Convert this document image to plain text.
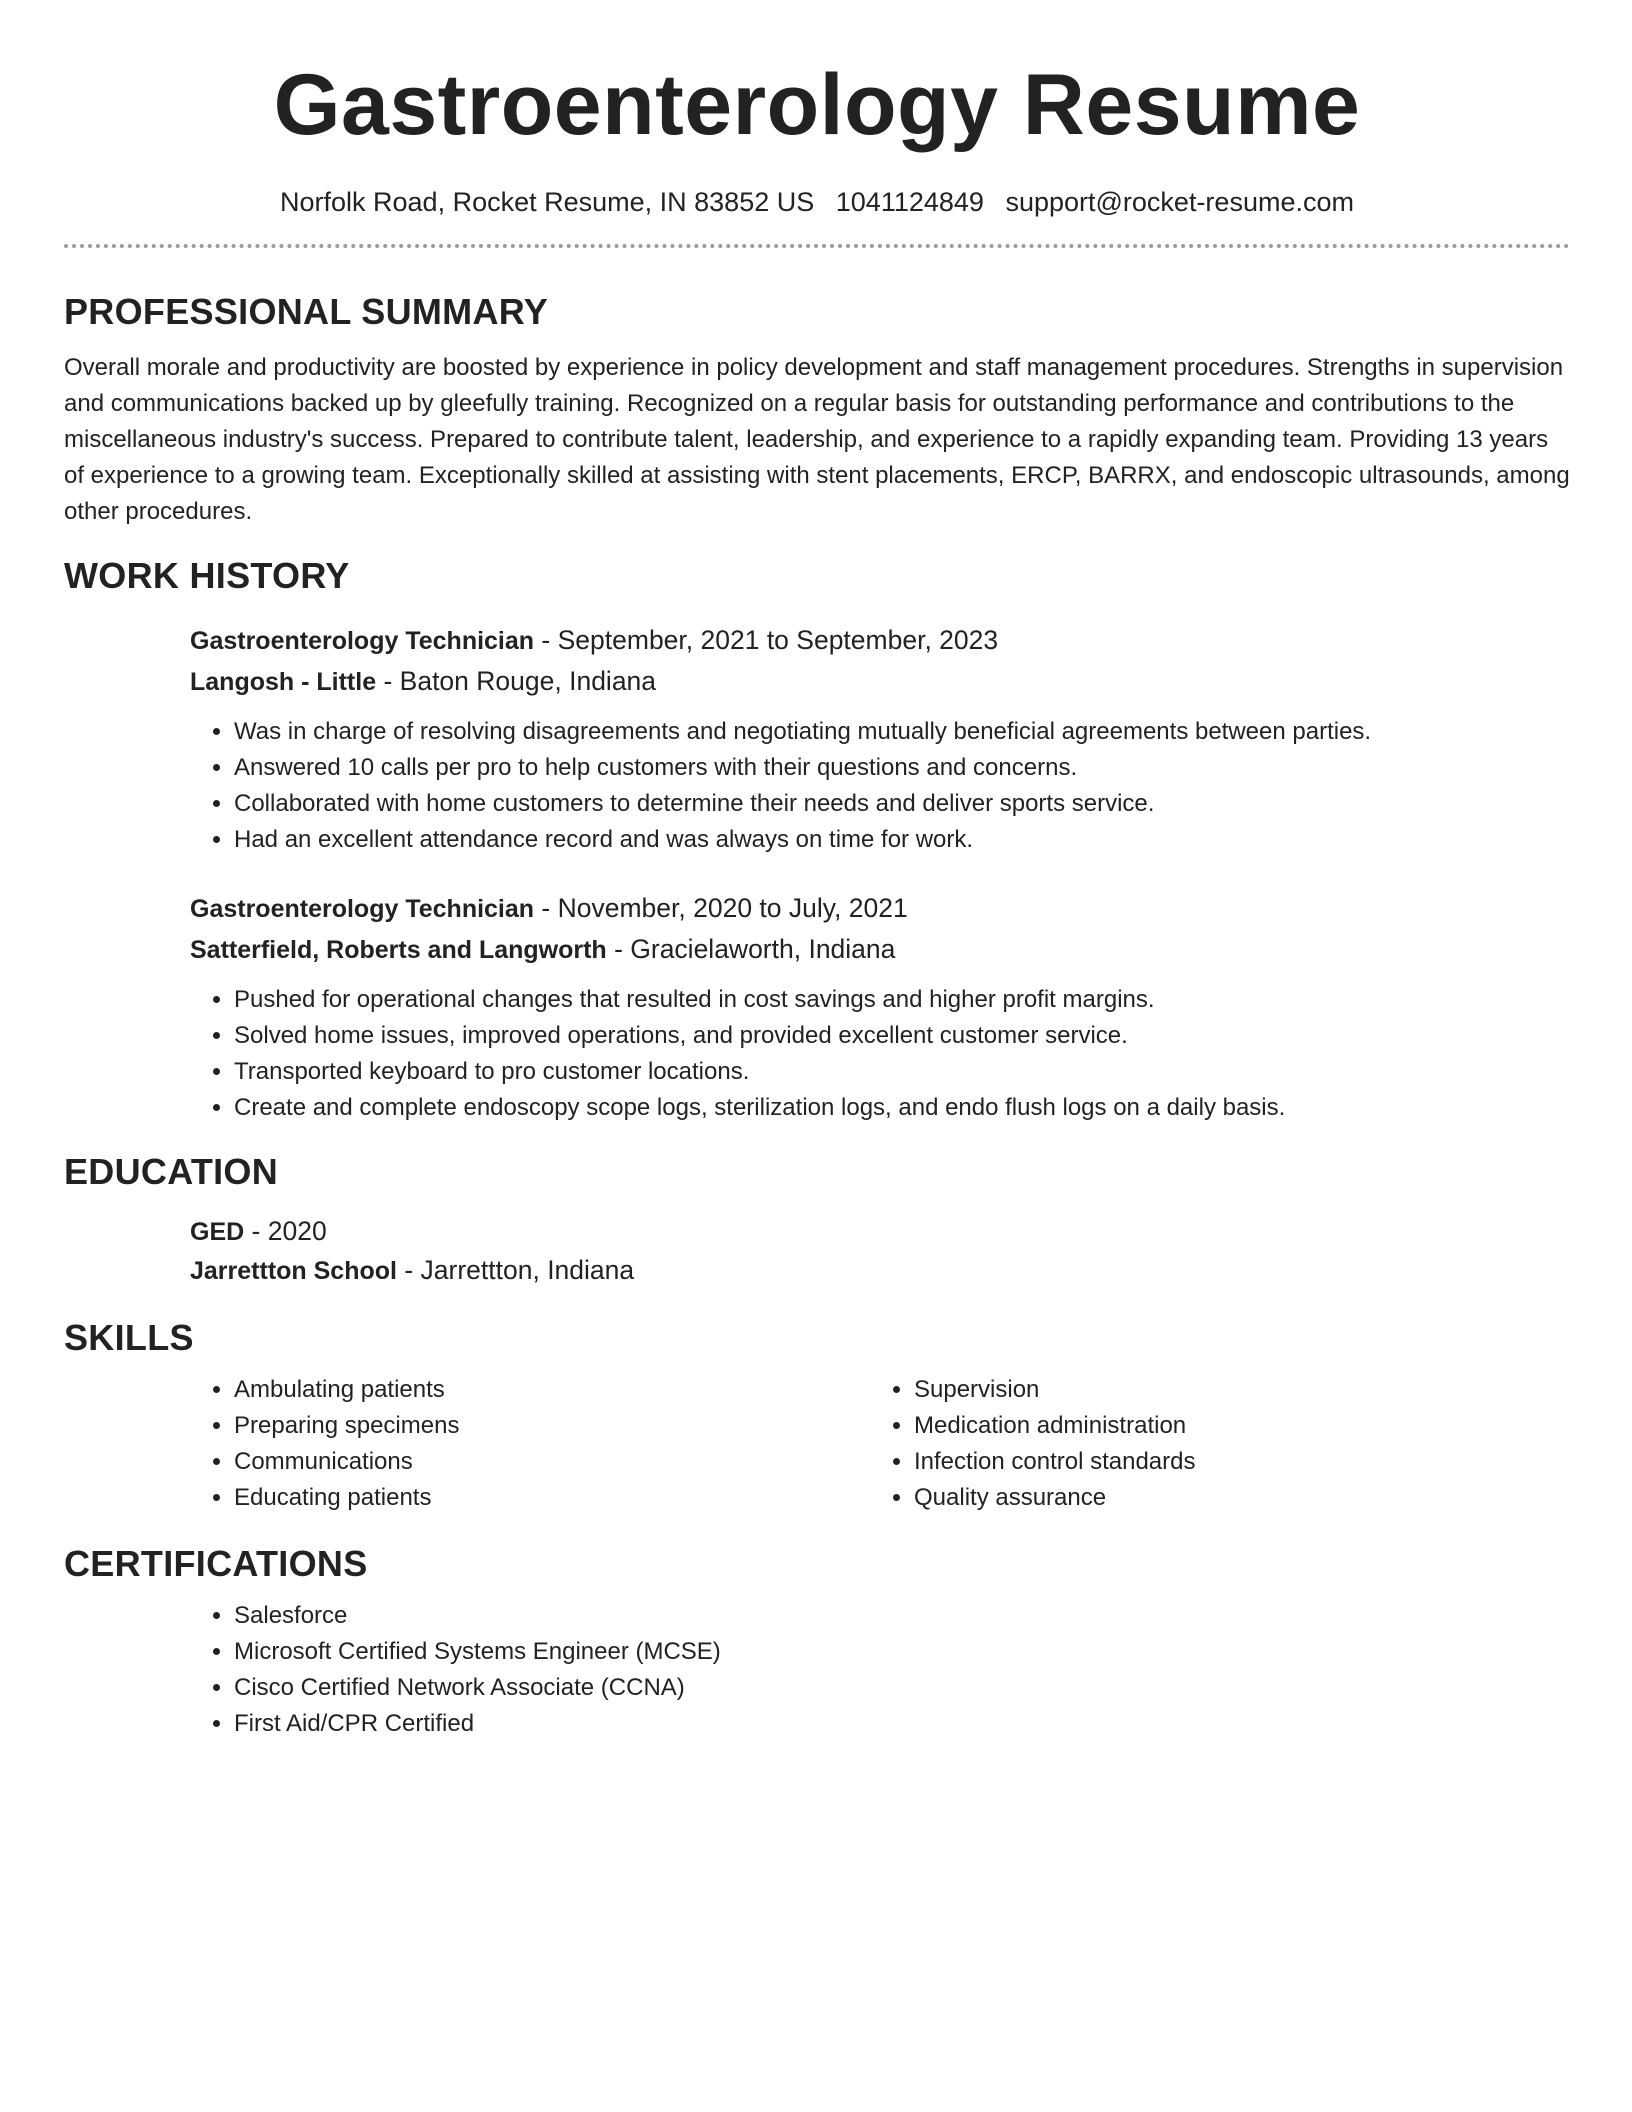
Gastroenterology Resume
Norfolk Road, Rocket Resume, IN 83852 US 1041124849 support@rocket-resume.com
PROFESSIONAL SUMMARY

Overall morale and productivity are boosted by experience in policy development and staff management procedures. Strengths in supervision and communications backed up by gleefully training. Recognized on a regular basis for outstanding performance and contributions to the miscellaneous industry's success. Prepared to contribute talent, leadership, and experience to a rapidly expanding team. Providing 13 years of experience to a growing team. Exceptionally skilled at assisting with stent placements, ERCP, BARRX, and endoscopic ultrasounds, among other procedures.

WORK HISTORY
Gastroenterology Technician - September, 2021 to September, 2023
Langosh - Little - Baton Rouge, Indiana
• Was in charge of resolving disagreements and negotiating mutually beneficial agreements between parties.
• Answered 10 calls per pro to help customers with their questions and concerns.
• Collaborated with home customers to determine their needs and deliver sports service.
• Had an excellent attendance record and was always on time for work.
Gastroenterology Technician - November, 2020 to July, 2021
Satterfield, Roberts and Langworth - Gracielaworth, Indiana
• Pushed for operational changes that resulted in cost savings and higher profit margins.
• Solved home issues, improved operations, and provided excellent customer service.
• Transported keyboard to pro customer locations.
• Create and complete endoscopy scope logs, sterilization logs, and endo flush logs on a daily basis.
EDUCATION
GED - 2020
Jarrettton School - Jarrettton, Indiana
SKILLS
• Ambulating patients
• Preparing specimens
• Communications
• Educating patients
• Supervision
• Medication administration
• Infection control standards
• Quality assurance
CERTIFICATIONS
• Salesforce
• Microsoft Certified Systems Engineer (MCSE)
• Cisco Certified Network Associate (CCNA)
• First Aid/CPR Certified
